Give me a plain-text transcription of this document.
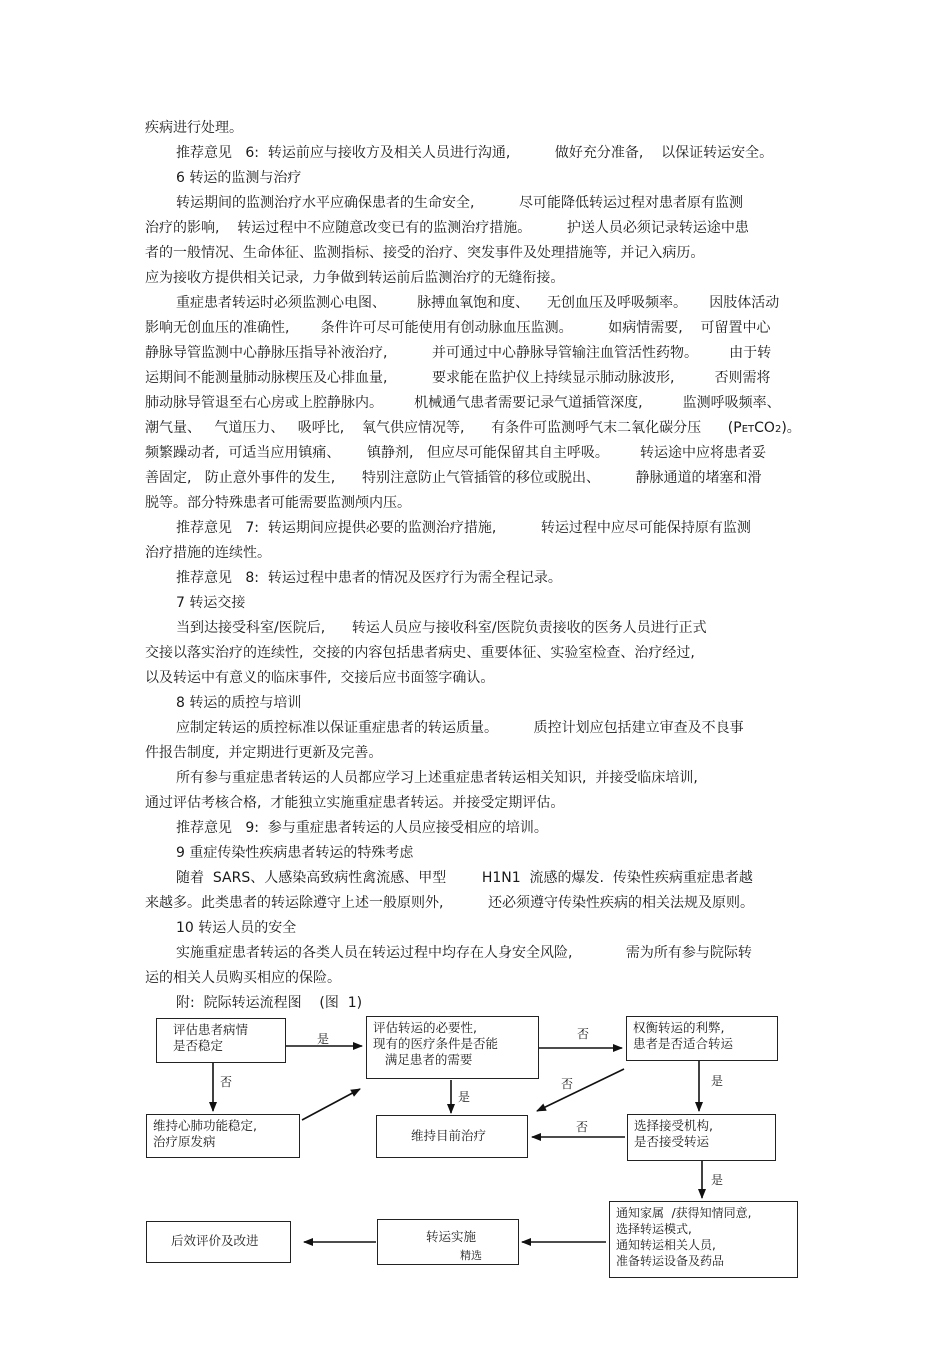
疾病进行处理。
推荐意见   6:  转运前应与接收方及相关人员进行沟通,          做好充分准备,    以保证转运安全。
6 转运的监测与治疗
转运期间的监测治疗水平应确保患者的生命安全,          尽可能降低转运过程对患者原有监测
治疗的影响,    转运过程中不应随意改变已有的监测治疗措施。        护送人员必须记录转运途中患
者的一般情况、生命体征、监测指标、接受的治疗、突发事件及处理措施等,  并记入病历。
应为接收方提供相关记录,  力争做到转运前后监测治疗的无缝衔接。
重症患者转运时必须监测心电图、       脉搏血氧饱和度、    无创血压及呼吸频率。     因肢体活动
影响无创血压的准确性,       条件许可尽可能使用有创动脉血压监测。        如病情需要,    可留置中心
静脉导管监测中心静脉压指导补液治疗,          并可通过中心静脉导管输注血管活性药物。       由于转
运期间不能测量肺动脉楔压及心排血量,          要求能在监护仪上持续显示肺动脉波形,         否则需将
肺动脉导管退至右心房或上腔静脉内。       机械通气患者需要记录气道插管深度,         监测呼吸频率、
潮气量、   气道压力、   吸呼比,    氧气供应情况等,      有条件可监测呼气末二氧化碳分压      (PETCO2)。
频繁躁动者,  可适当应用镇痛、      镇静剂,   但应尽可能保留其自主呼吸。       转运途中应将患者妥
善固定,   防止意外事件的发生,      特别注意防止气管插管的移位或脱出、        静脉通道的堵塞和滑
脱等。部分特殊患者可能需要监测颅内压。
推荐意见   7:  转运期间应提供必要的监测治疗措施,          转运过程中应尽可能保持原有监测
治疗措施的连续性。
推荐意见   8:  转运过程中患者的情况及医疗行为需全程记录。
7 转运交接
当到达接受科室/医院后,      转运人员应与接收科室/医院负责接收的医务人员进行正式
交接以落实治疗的连续性,  交接的内容包括患者病史、重要体征、实验室检查、治疗经过,
以及转运中有意义的临床事件,  交接后应书面签字确认。
8 转运的质控与培训
应制定转运的质控标准以保证重症患者的转运质量。        质控计划应包括建立审查及不良事
件报告制度,  并定期进行更新及完善。
所有参与重症患者转运的人员都应学习上述重症患者转运相关知识,  并接受临床培训,
通过评估考核合格,  才能独立实施重症患者转运。并接受定期评估。
推荐意见   9:  参与重症患者转运的人员应接受相应的培训。
9 重症传染性疾病患者转运的特殊考虑
随着  SARS、人感染高致病性禽流感、甲型        H1N1  流感的爆发.  传染性疾病重症患者越
来越多。此类患者的转运除遵守上述一般原则外,          还必须遵守传染性疾病的相关法规及原则。
10 转运人员的安全
实施重症患者转运的各类人员在转运过程中均存在人身安全风险,            需为所有参与院际转
运的相关人员购买相应的保险。
附:  院际转运流程图    (图  1)
评估患者病情
是否稳定
评估转运的必要性,
现有的医疗条件是否能
满足患者的需要
权衡转运的利弊,
患者是否适合转运
维持心肺功能稳定,
治疗原发病	维持目前治疗
选择接受机构,
是否接受转运
通知家属  /获得知情同意,
选择转运模式,
通知转运相关人员,
准备转运设备及药品
转运实施
精选
后效评价及改进
是	否
否
是
否	是
否
是
